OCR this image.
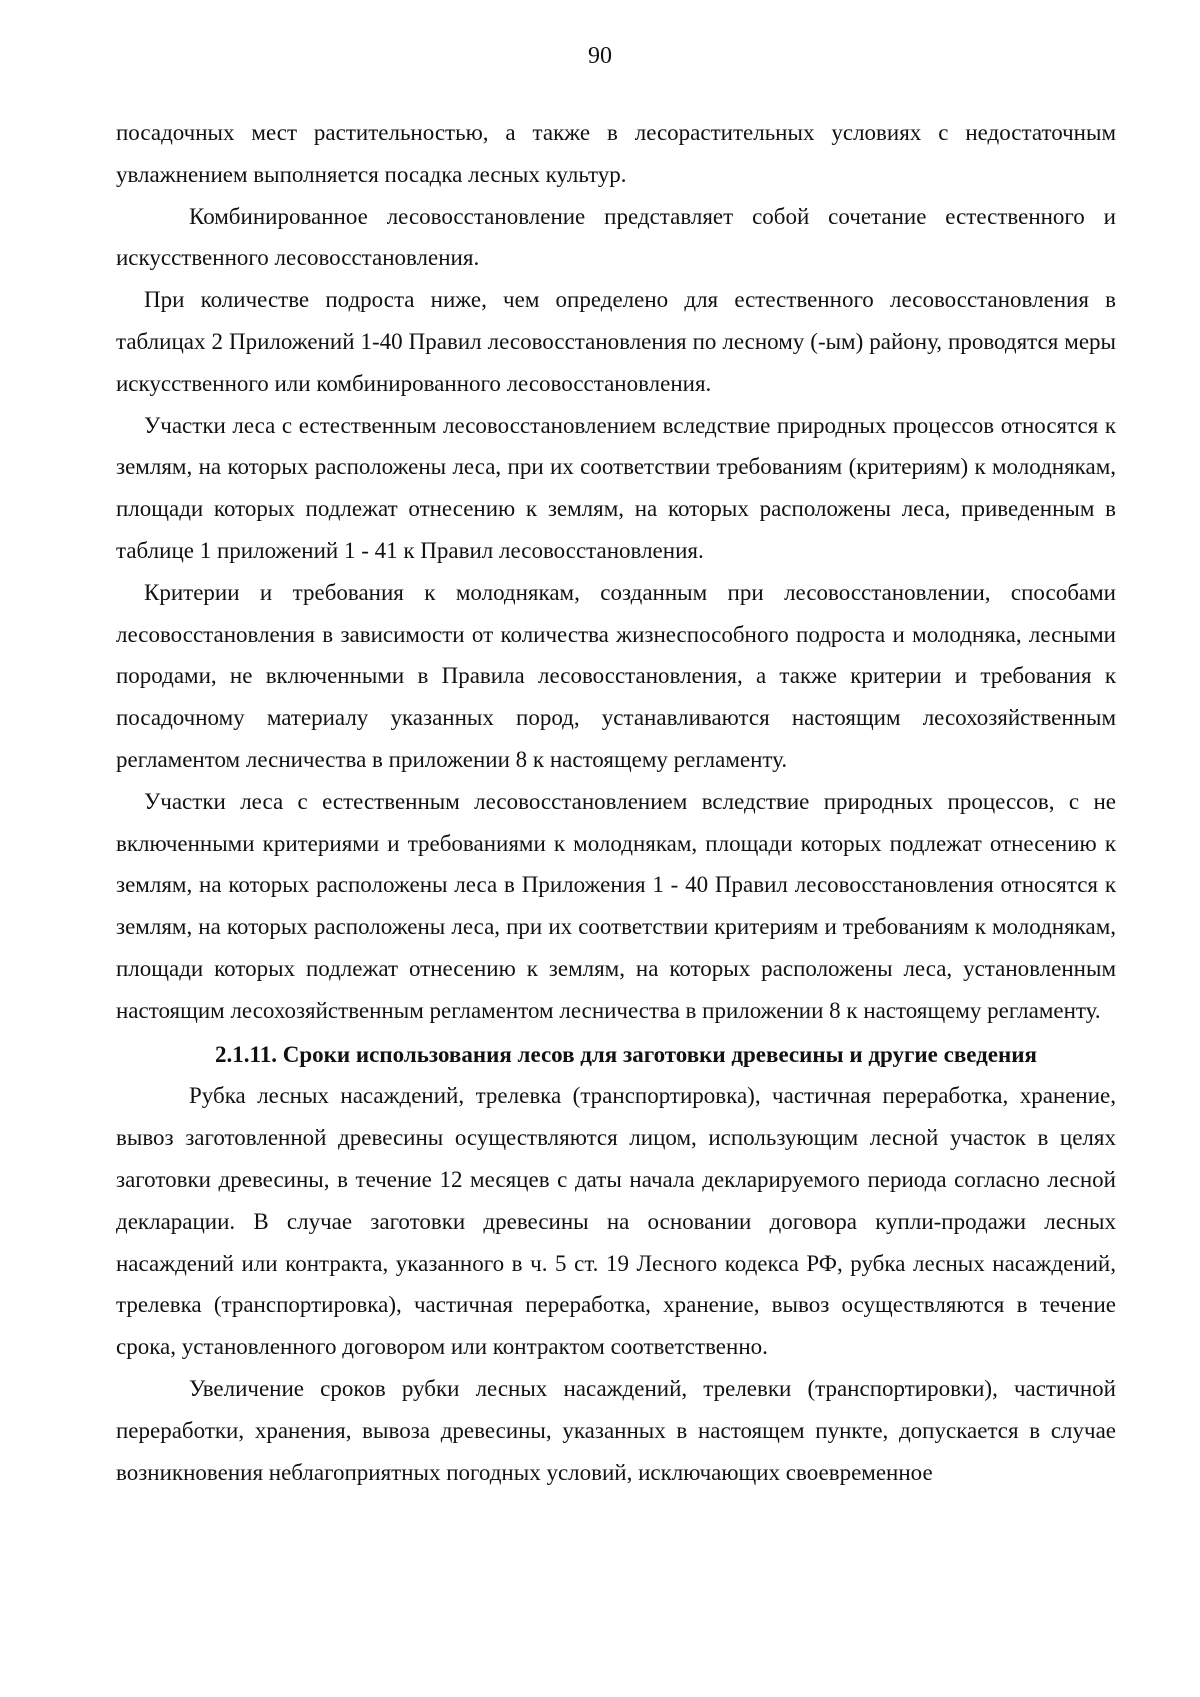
90

посадочных мест растительностью, а также в лесорастительных условиях с недостаточным увлажнением выполняется посадка лесных культур.

Комбинированное лесовосстановление представляет собой сочетание естественного и искусственного лесовосстановления.

При количестве подроста ниже, чем определено для естественного лесовосстановления в таблицах 2 Приложений 1-40 Правил лесовосстановления по лесному (-ым) району, проводятся меры искусственного или комбинированного лесовосстановления.

Участки леса с естественным лесовосстановлением вследствие природных процессов относятся к землям, на которых расположены леса, при их соответствии требованиям (критериям) к молоднякам, площади которых подлежат отнесению к землям, на которых расположены леса, приведенным в таблице 1 приложений 1 - 41 к Правил лесовосстановления.

Критерии и требования к молоднякам, созданным при лесовосстановлении, способами лесовосстановления в зависимости от количества жизнеспособного подроста и молодняка, лесными породами, не включенными в Правила лесовосстановления, а также критерии и требования к посадочному материалу указанных пород, устанавливаются настоящим лесохозяйственным регламентом лесничества в приложении 8 к настоящему регламенту.

Участки леса с естественным лесовосстановлением вследствие природных процессов, с не включенными критериями и требованиями к молоднякам, площади которых подлежат отнесению к землям, на которых расположены леса в Приложения 1 - 40 Правил лесовосстановления относятся к землям, на которых расположены леса, при их соответствии критериям и требованиям к молоднякам, площади которых подлежат отнесению к землям, на которых расположены леса, установленным настоящим лесохозяйственным регламентом лесничества в приложении 8 к настоящему регламенту.

2.1.11. Сроки использования лесов для заготовки древесины и другие сведения

Рубка лесных насаждений, трелевка (транспортировка), частичная переработка, хранение, вывоз заготовленной древесины осуществляются лицом, использующим лесной участок в целях заготовки древесины, в течение 12 месяцев с даты начала декларируемого периода согласно лесной декларации. В случае заготовки древесины на основании договора купли-продажи лесных насаждений или контракта, указанного в ч. 5 ст. 19 Лесного кодекса РФ, рубка лесных насаждений, трелевка (транспортировка), частичная переработка, хранение, вывоз осуществляются в течение срока, установленного договором или контрактом соответственно.

Увеличение сроков рубки лесных насаждений, трелевки (транспортировки), частичной переработки, хранения, вывоза древесины, указанных в настоящем пункте, допускается в случае возникновения неблагоприятных погодных условий, исключающих своевременное
